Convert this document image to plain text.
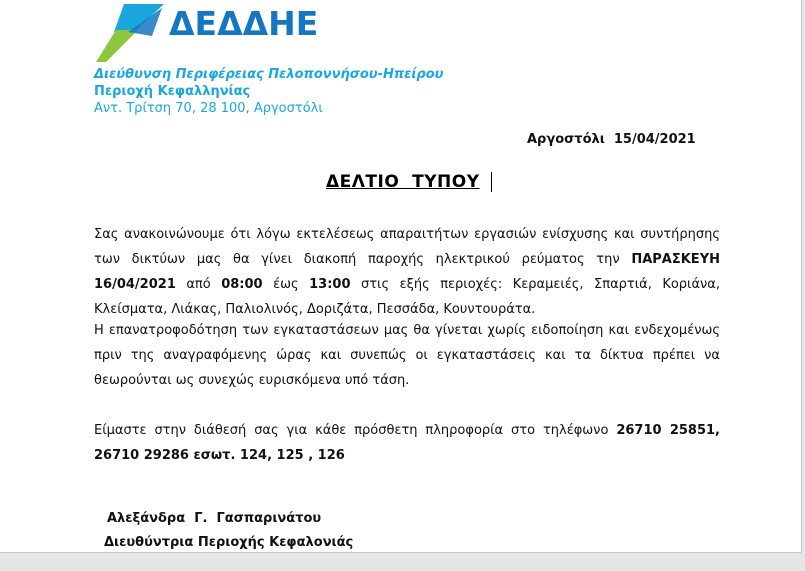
ΔΕΔΔΗΕ
Διεύθυνση Περιφέρειας Πελοποννήσου-Ηπείρου
Περιοχή Κεφαλληνίας
Αντ. Τρίτση 70, 28 100, Αργοστόλι
Αργοστόλι  15/04/2021
ΔΕΛΤΙΟ  ΤΥΠΟΥ
Σας ανακοινώνουμε ότι λόγω εκτελέσεως απαραιτήτων εργασιών ενίσχυσης και συντήρησης
των δικτύων μας θα γίνει διακοπή παροχής ηλεκτρικού ρεύματος την ΠΑΡΑΣΚΕΥΗ
16/04/2021 από 08:00 έως 13:00 στις εξής περιοχές: Κεραμειές, Σπαρτιά, Κοριάνα,
Κλείσματα, Λιάκας, Παλιολινός, Δοριζάτα, Πεσσάδα, Κουντουράτα.
Η επανατροφοδότηση των εγκαταστάσεων μας θα γίνεται χωρίς ειδοποίηση και ενδεχομένως
πριν της αναγραφόμενης ώρας και συνεπώς οι εγκαταστάσεις και τα δίκτυα πρέπει να
θεωρούνται ως συνεχώς ευρισκόμενα υπό τάση.
Είμαστε στην διάθεσή σας για κάθε πρόσθετη πληροφορία στο τηλέφωνο 26710 25851,
26710 29286 εσωτ. 124, 125 , 126
Αλεξάνδρα  Γ.  Γασπαρινάτου
Διευθύντρια Περιοχής Κεφαλονιάς
